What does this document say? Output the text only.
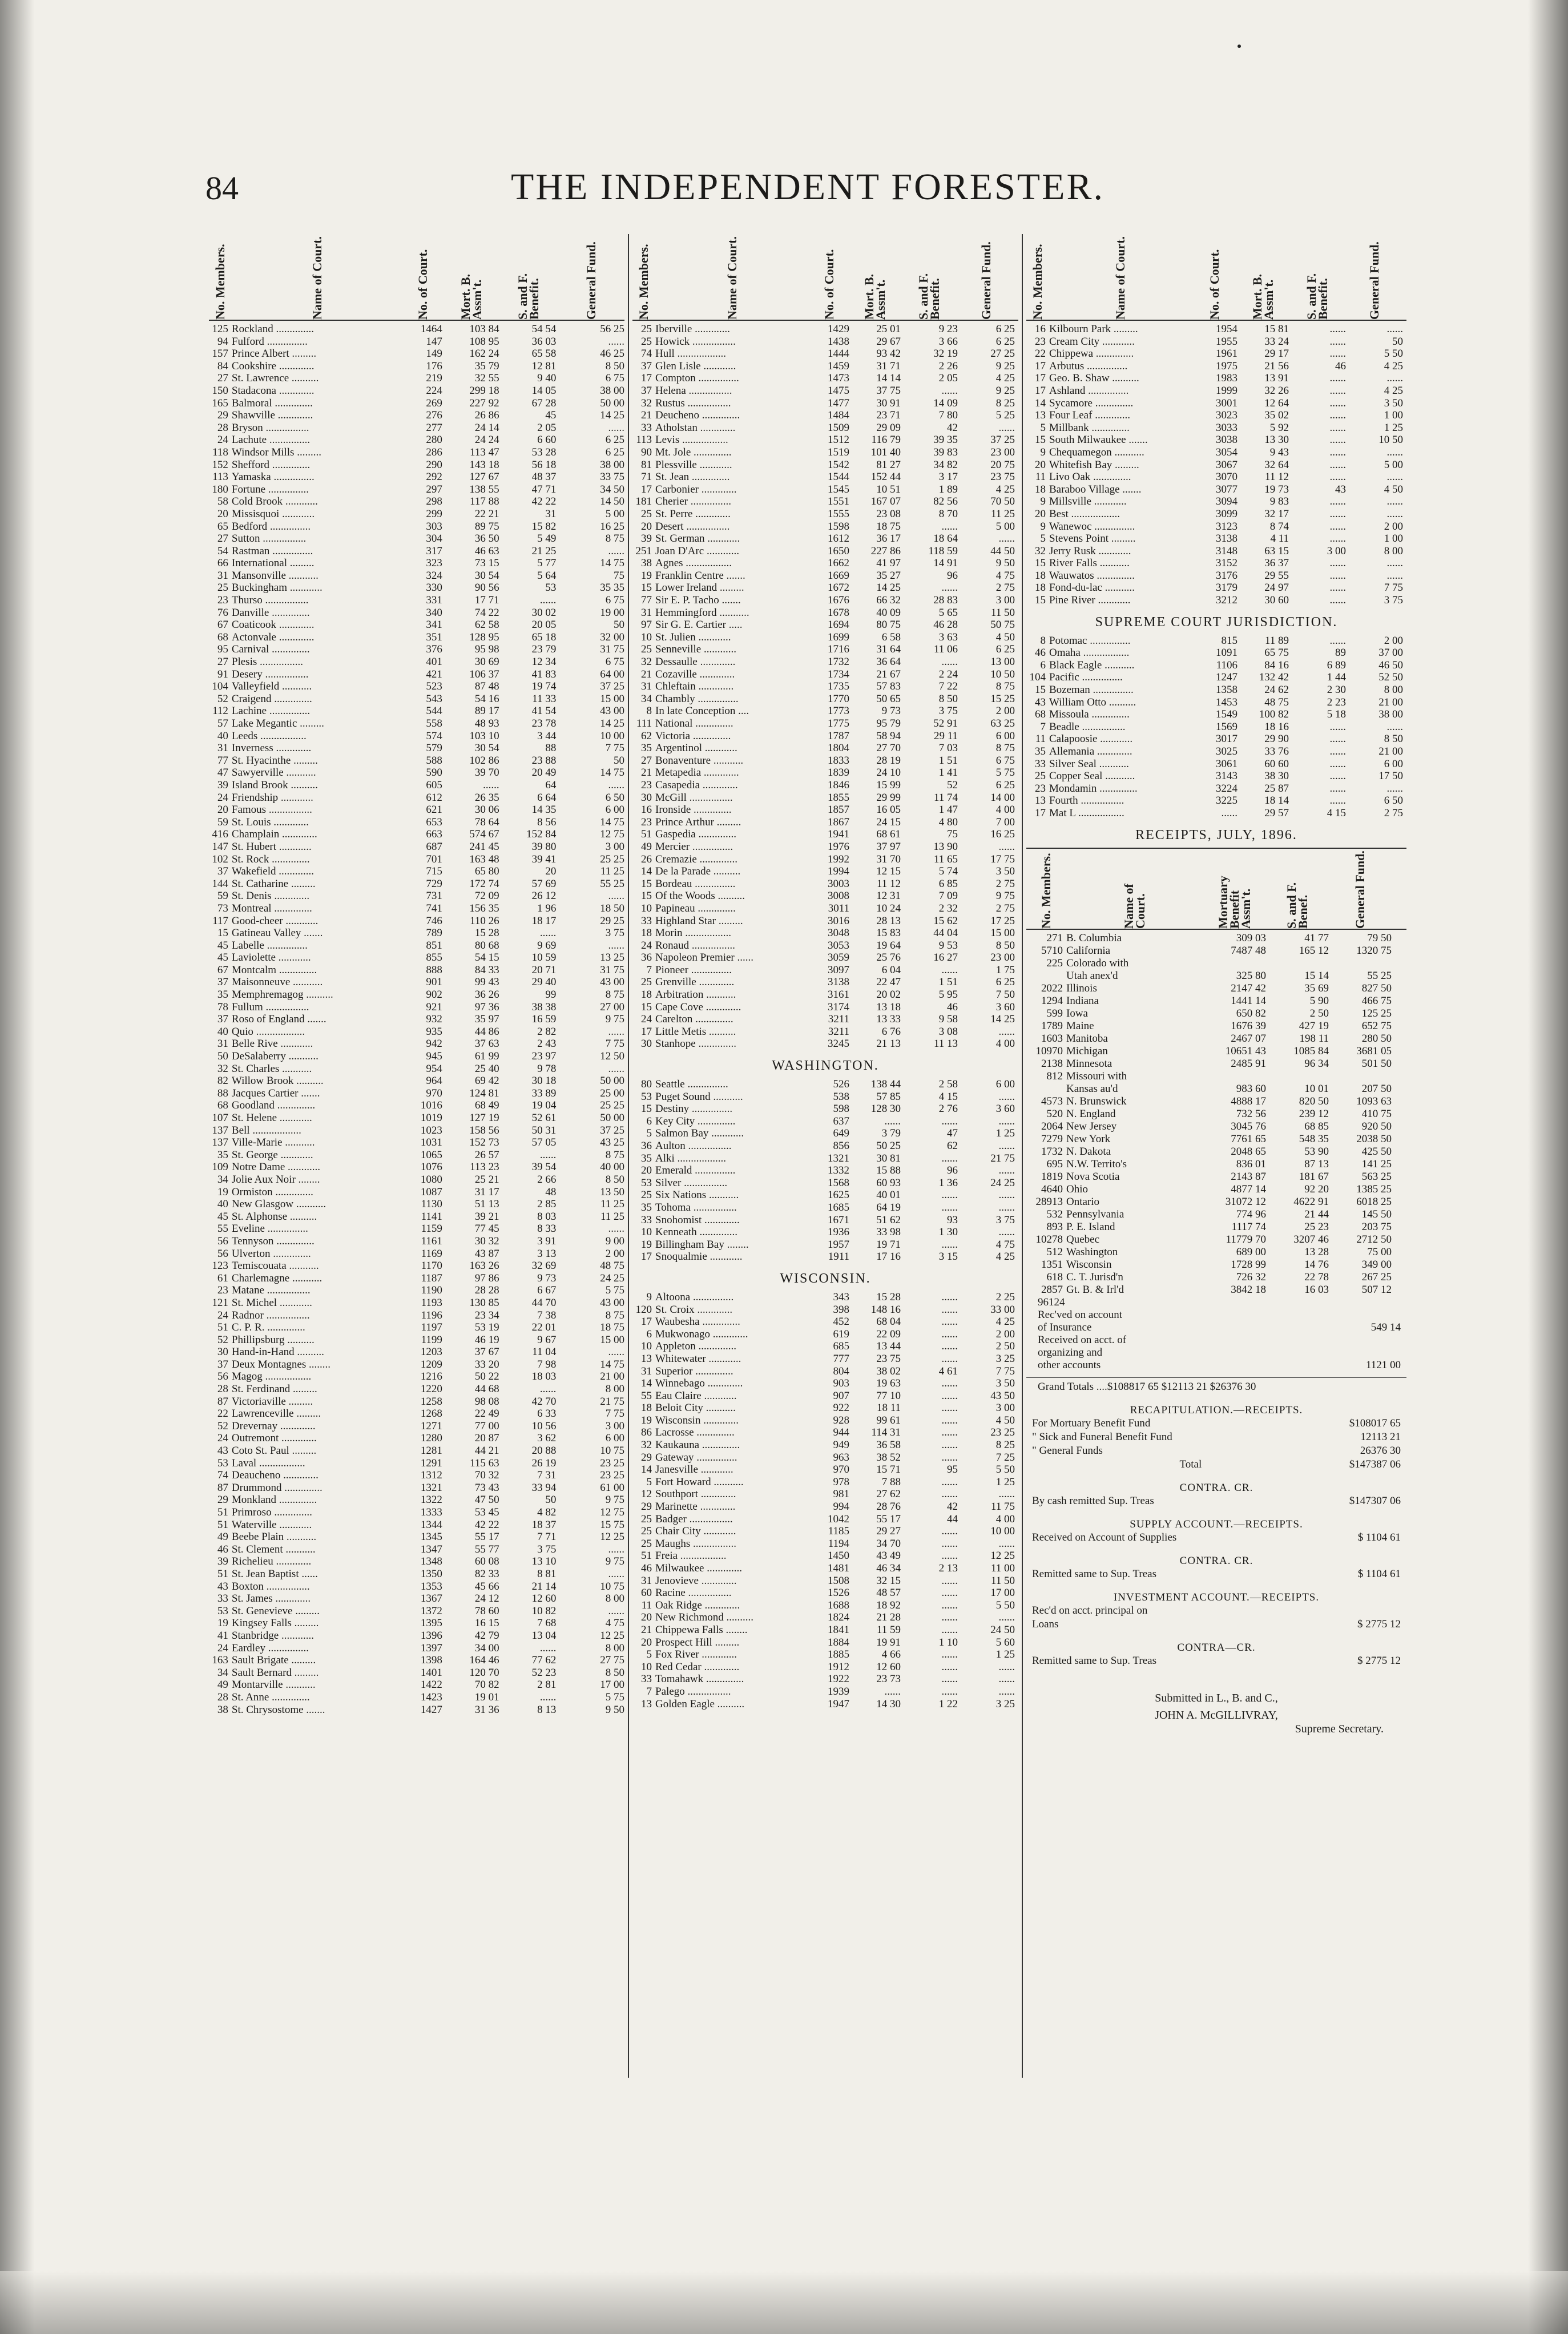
84	THE INDEPENDENT FORESTER.
No. Members.	Name of Court.	No. of Court.	Mort. B. Assm't.	S. and F. Benefit.	General Fund.
125 Rockland ..............	1464	103 84	54 54	56 25
94 Fulford ...............	147	108 95	36 03	......
157 Prince Albert .........	149	162 24	65 58	46 25
84 Cookshire .............	176	35 79	12 81	8 50
27 St. Lawrence ..........	219	32 55	9 40	6 75
150 Stadacona .............	224	299 18	14 05	38 00
165 Balmoral ..............	269	227 92	67 28	50 00
29 Shawville .............	276	26 86	45	14 25
28 Bryson ................	277	24 14	2 05	......
24 Lachute ...............	280	24 24	6 60	6 25
118 Windsor Mills .........	286	113 47	53 28	6 25
152 Shefford ..............	290	143 18	56 18	38 00
113 Yamaska ...............	292	127 67	48 37	33 75
180 Fortune ...............	297	138 55	47 71	34 50
58 Cold Brook ............	298	117 88	42 22	14 50
20 Missisquoi ............	299	22 21	31	5 00
65 Bedford ...............	303	89 75	15 82	16 25
27 Sutton ................	304	36 50	5 49	8 75
54 Rastman ...............	317	46 63	21 25	......
66 International .........	323	73 15	5 77	14 75
31 Mansonville ...........	324	30 54	5 64	75
25 Buckingham ............	330	90 56	53	35 35
23 Thurso ................	331	17 71	......	6 75
76 Danville ..............	340	74 22	30 02	19 00
67 Coaticook .............	341	62 58	20 05	50
68 Actonvale .............	351	128 95	65 18	32 00
95 Carnival ..............	376	95 98	23 79	31 75
27 Plesis ................	401	30 69	12 34	6 75
91 Desery ................	421	106 37	41 83	64 00
104 Valleyfield ...........	523	87 48	19 74	37 25
52 Craigend ..............	543	54 16	11 33	15 00
112 Lachine ...............	544	89 17	41 54	43 00
57 Lake Megantic .........	558	48 93	23 78	14 25
40 Leeds .................	574	103 10	3 44	10 00
31 Inverness .............	579	30 54	88	7 75
77 St. Hyacinthe .........	588	102 86	23 88	50
47 Sawyerville ...........	590	39 70	20 49	14 75
39 Island Brook ..........	605	......	64	......
24 Friendship ............	612	26 35	6 64	6 50
20 Famous ................	621	30 06	14 35	6 00
59 St. Louis .............	653	78 64	8 56	14 75
416 Champlain .............	663	574 67	152 84	12 75
147 St. Hubert ............	687	241 45	39 80	3 00
102 St. Rock ..............	701	163 48	39 41	25 25
37 Wakefield .............	715	65 80	20	11 25
144 St. Catharine .........	729	172 74	57 69	55 25
59 St. Denis .............	731	72 09	26 12	......
73 Montreal ..............	741	156 35	1 96	18 50
117 Good-cheer ............	746	110 26	18 17	29 25
15 Gatineau Valley .......	789	15 28	......	3 75
45 Labelle ...............	851	80 68	9 69	......
45 Laviolette ............	855	54 15	10 59	13 25
67 Montcalm ..............	888	84 33	20 71	31 75
37 Maisonneuve ...........	901	99 43	29 40	43 00
35 Memphremagog ..........	902	36 26	99	8 75
78 Fullum ................	921	97 36	38 38	27 00
37 Roso of England .......	932	35 97	16 59	9 75
40 Quio ..................	935	44 86	2 82	......
31 Belle Rive ............	942	37 63	2 43	7 75
50 DeSalaberry ...........	945	61 99	23 97	12 50
32 St. Charles ...........	954	25 40	9 78	......
82 Willow Brook ..........	964	69 42	30 18	50 00
88 Jacques Cartier .......	970	124 81	33 89	25 00
68 Goodland ..............	1016	68 49	19 04	25 25
107 St. Helene ............	1019	127 19	52 61	50 00
137 Bell ..................	1023	158 56	50 31	37 25
137 Ville-Marie ...........	1031	152 73	57 05	43 25
35 St. George ............	1065	26 57	......	8 75
109 Notre Dame ............	1076	113 23	39 54	40 00
34 Jolie Aux Noir ........	1080	25 21	2 66	8 50
19 Ormiston ..............	1087	31 17	48	13 50
40 New Glasgow ...........	1130	51 13	2 85	11 25
45 St. Alphonse ..........	1141	39 21	8 03	11 25
55 Eveline ...............	1159	77 45	8 33	......
56 Tennyson ..............	1161	30 32	3 91	9 00
56 Ulverton ..............	1169	43 87	3 13	2 00
123 Temiscouata ...........	1170	163 26	32 69	48 75
61 Charlemagne ...........	1187	97 86	9 73	24 25
23 Matane ................	1190	28 28	6 67	5 75
121 St. Michel ............	1193	130 85	44 70	43 00
24 Radnor ................	1196	23 34	7 38	8 75
51 C. P. R. ..............	1197	53 19	22 01	18 75
52 Phillipsburg ..........	1199	46 19	9 67	15 00
30 Hand-in-Hand ..........	1203	37 67	11 04	......
37 Deux Montagnes ........	1209	33 20	7 98	14 75
56 Magog .................	1216	50 22	18 03	21 00
28 St. Ferdinand .........	1220	44 68	......	8 00
87 Victoriaville .........	1258	98 08	42 70	21 75
22 Lawrenceville .........	1268	22 49	6 33	7 75
52 Drevernay .............	1271	77 00	10 56	3 00
24 Outremont .............	1280	20 87	3 62	6 00
43 Coto St. Paul .........	1281	44 21	20 88	10 75
53 Laval .................	1291	115 63	26 19	23 25
74 Deaucheno .............	1312	70 32	7 31	23 25
87 Drummond ..............	1321	73 43	33 94	61 00
29 Monkland ..............	1322	47 50	50	9 75
51 Primroso ..............	1333	53 45	4 82	12 75
51 Waterville ............	1344	42 22	18 37	15 75
49 Beebe Plain ...........	1345	55 17	7 71	12 25
46 St. Clement ...........	1347	55 77	3 75	......
39 Richelieu .............	1348	60 08	13 10	9 75
51 St. Jean Baptist ......	1350	82 33	8 81	......
43 Boxton ................	1353	45 66	21 14	10 75
33 St. James .............	1367	24 12	12 60	8 00
53 St. Genevieve .........	1372	78 60	10 82	......
19 Kingsey Falls .........	1395	16 15	7 68	4 75
41 Stanbridge ............	1396	42 79	13 04	12 25
24 Eardley ...............	1397	34 00	......	8 00
163 Sault Brigate .........	1398	164 46	77 62	27 75
34 Sault Bernard .........	1401	120 70	52 23	8 50
49 Montarville ...........	1422	70 82	2 81	17 00
28 St. Anne ..............	1423	19 01	......	5 75
38 St. Chrysostome .......	1427	31 36	8 13	9 50
No. Members.	Name of Court.	No. of Court.	Mort. B. Assm't.	S. and F. Benefit.	General Fund.
25 Iberville .............	1429	25 01	9 23	6 25
25 Howick ................	1438	29 67	3 66	6 25
74 Hull ..................	1444	93 42	32 19	27 25
37 Glen Lisle ............	1459	31 71	2 26	9 25
17 Compton ...............	1473	14 14	2 05	4 25
37 Helena ................	1475	37 75	......	9 25
32 Rustus ................	1477	30 91	14 09	8 25
21 Deucheno ..............	1484	23 71	7 80	5 25
33 Atholstan .............	1509	29 09	42	......
113 Levis .................	1512	116 79	39 35	37 25
90 Mt. Jole ..............	1519	101 40	39 83	23 00
81 Plessville ............	1542	81 27	34 82	20 75
71 St. Jean ..............	1544	152 44	3 17	23 75
17 Carbonier .............	1545	10 51	1 89	4 25
181 Cherier ...............	1551	167 07	82 56	70 50
25 St. Perre .............	1555	23 08	8 70	11 25
20 Desert ................	1598	18 75	......	5 00
39 St. German ............	1612	36 17	18 64	......
251 Joan D'Arc ............	1650	227 86	118 59	44 50
38 Agnes .................	1662	41 97	14 91	9 50
19 Franklin Centre .......	1669	35 27	96	4 75
15 Lower Ireland .........	1672	14 25	......	2 75
77 Sir E. P. Tacho .......	1676	66 32	28 83	3 00
31 Hemmingford ...........	1678	40 09	5 65	11 50
97 Sir G. E. Cartier .....	1694	80 75	46 28	50 75
10 St. Julien ............	1699	6 58	3 63	4 50
25 Senneville ............	1716	31 64	11 06	6 25
32 Dessaulle .............	1732	36 64	......	13 00
21 Cozaville .............	1734	21 67	2 24	10 50
31 Chleftain .............	1735	57 83	7 22	8 75
34 Chambly ...............	1770	50 65	8 50	15 25
8 In late Conception ....	1773	9 73	3 75	2 00
111 National ..............	1775	95 79	52 91	63 25
62 Victoria ..............	1787	58 94	29 11	6 00
35 Argentinol ............	1804	27 70	7 03	8 75
27 Bonaventure ...........	1833	28 19	1 51	6 75
21 Metapedia .............	1839	24 10	1 41	5 75
23 Casapedia .............	1846	15 99	52	6 25
30 McGill ................	1855	29 99	11 74	14 00
16 Ironside ..............	1857	16 05	1 47	4 00
23 Prince Arthur .........	1867	24 15	4 80	7 00
51 Gaspedia ..............	1941	68 61	75	16 25
49 Mercier ...............	1976	37 97	13 90	......
26 Cremazie ..............	1992	31 70	11 65	17 75
14 De la Parade ..........	1994	12 15	5 74	3 50
15 Bordeau ...............	3003	11 12	6 85	2 75
15 Of the Woods ..........	3008	12 31	7 09	9 75
10 Papineau ..............	3011	10 24	2 32	2 75
33 Highland Star .........	3016	28 13	15 62	17 25
18 Morin .................	3048	15 83	44 04	15 00
24 Ronaud ................	3053	19 64	9 53	8 50
36 Napoleon Premier ......	3059	25 76	16 27	23 00
7 Pioneer ...............	3097	6 04	......	1 75
25 Grenville .............	3138	22 47	1 51	6 25
18 Arbitration ...........	3161	20 02	5 95	7 50
15 Cape Cove .............	3174	13 18	46	3 60
24 Carelton ..............	3211	13 33	9 58	14 25
17 Little Metis ..........	3211	6 76	3 08	......
30 Stanhope ..............	3245	21 13	11 13	4 00
WASHINGTON.
80 Seattle ...............	526	138 44	2 58	6 00
53 Puget Sound ...........	538	57 85	4 15	......
15 Destiny ...............	598	128 30	2 76	3 60
6 Key City ..............	637	......	......	......
5 Salmon Bay ............	649	3 79	47	1 25
36 Aulton ................	856	50 25	62	......
35 Alki ..................	1321	30 81	......	21 75
20 Emerald ...............	1332	15 88	96	......
53 Silver ................	1568	60 93	1 36	24 25
25 Six Nations ...........	1625	40 01	......	......
35 Tohoma ................	1685	64 19	......	......
33 Snohomist .............	1671	51 62	93	3 75
10 Kenneath ..............	1936	33 98	1 30	......
19 Billingham Bay ........	1957	19 71	......	4 75
17 Snoqualmie ............	1911	17 16	3 15	4 25
WISCONSIN.
9 Altoona ...............	343	15 28	......	2 25
120 St. Croix .............	398	148 16	......	33 00
17 Waubesha ..............	452	68 04	......	4 25
6 Mukwonago .............	619	22 09	......	2 00
10 Appleton ..............	685	13 44	......	2 50
13 Whitewater ............	777	23 75	......	3 25
31 Superior ..............	804	38 02	4 61	7 75
14 Winnebago .............	903	19 63	......	3 50
55 Eau Claire ............	907	77 10	......	43 50
18 Beloit City ...........	922	18 11	......	3 00
19 Wisconsin .............	928	99 61	......	4 50
86 Lacrosse ..............	944	114 31	......	23 25
32 Kaukauna ..............	949	36 58	......	8 25
29 Gateway ...............	963	38 52	......	7 25
14 Janesville ............	970	15 71	95	5 50
5 Fort Howard ...........	978	7 88	......	1 25
12 Southport .............	981	27 62	......	......
29 Marinette .............	994	28 76	42	11 75
25 Badger ................	1042	55 17	44	4 00
25 Chair City ............	1185	29 27	......	10 00
25 Maughs ................	1194	34 70	......	......
51 Freia .................	1450	43 49	......	12 25
46 Milwaukee .............	1481	46 34	2 13	11 00
31 Jenovieve .............	1508	32 15	......	11 50
60 Racine ................	1526	48 57	......	17 00
11 Oak Ridge .............	1688	18 92	......	5 50
20 New Richmond ..........	1824	21 28	......	......
21 Chippewa Falls ........	1841	11 59	......	24 50
20 Prospect Hill .........	1884	19 91	1 10	5 60
5 Fox River .............	1885	4 66	......	1 25
10 Red Cedar .............	1912	12 60	......	......
33 Tomahawk ..............	1922	23 73	......	......
7 Palego ................	1939	......	......	......
13 Golden Eagle ..........	1947	14 30	1 22	3 25
No. Members.	Name of Court.	No. of Court.	Mort. B. Assm't.	S. and F. Benefit.	General Fund.
16 Kilbourn Park .........	1954	15 81	......	......
23 Cream City ............	1955	33 24	......	50
22 Chippewa ..............	1961	29 17	......	5 50
17 Arbutus ...............	1975	21 56	46	4 25
17 Geo. B. Shaw ..........	1983	13 91	......	......
17 Ashland ...............	1999	32 26	......	4 25
14 Sycamore ..............	3001	12 64	......	3 50
13 Four Leaf .............	3023	35 02	......	1 00
5 Millbank ..............	3033	5 92	......	1 25
15 South Milwaukee .......	3038	13 30	......	10 50
9 Chequamegon ...........	3054	9 43	......	......
20 Whitefish Bay .........	3067	32 64	......	5 00
11 Livo Oak ..............	3070	11 12	......	......
18 Baraboo Village .......	3077	19 73	43	4 50
9 Millsville ............	3094	9 83	......	......
20 Best ..................	3099	32 17	......	......
9 Wanewoc ...............	3123	8 74	......	2 00
5 Stevens Point .........	3138	4 11	......	1 00
32 Jerry Rusk ............	3148	63 15	3 00	8 00
15 River Falls ...........	3152	36 37	......	......
18 Wauwatos ..............	3176	29 55	......	......
18 Fond-du-lac ...........	3179	24 97	......	7 75
15 Pine River ............	3212	30 60	......	3 75
SUPREME COURT JURISDICTION.
8 Potomac ...............	815	11 89	......	2 00
46 Omaha .................	1091	65 75	89	37 00
6 Black Eagle ...........	1106	84 16	6 89	46 50
104 Pacific ...............	1247	132 42	1 44	52 50
15 Bozeman ...............	1358	24 62	2 30	8 00
43 William Otto ..........	1453	48 75	2 23	21 00
68 Missoula ..............	1549	100 82	5 18	38 00
7 Beadle ................	1569	18 16	......	......
11 Calapoosie ............	3017	29 90	......	8 50
35 Allemania .............	3025	33 76	......	21 00
33 Silver Seal ...........	3061	60 60	......	6 00
25 Copper Seal ...........	3143	38 30	......	17 50
23 Mondamin ..............	3224	25 87	......	......
13 Fourth ................	3225	18 14	......	6 50
17 Mat L .................	......	29 57	4 15	2 75
RECEIPTS, JULY, 1896.
No. Members.	Name of Court.	Mortuary Benefit Assm't.	S. and F. Benef.	General Fund.
271 B. Columbia	309 03	41 77	79 50
5710 California	7487 48	165 12	1320 75
225 Colorado with
Utah anex'd	325 80	15 14	55 25
2022 Illinois	2147 42	35 69	827 50
1294 Indiana	1441 14	5 90	466 75
599 Iowa	650 82	2 50	125 25
1789 Maine	1676 39	427 19	652 75
1603 Manitoba	2467 07	198 11	280 50
10970 Michigan	10651 43	1085 84	3681 05
2138 Minnesota	2485 91	96 34	501 50
812 Missouri with
Kansas au'd	983 60	10 01	207 50
4573 N. Brunswick	4888 17	820 50	1093 63
520 N. England	732 56	239 12	410 75
2064 New Jersey	3045 76	68 85	920 50
7279 New York	7761 65	548 35	2038 50
1732 N. Dakota	2048 65	53 90	425 50
695 N.W. Territo's	836 01	87 13	141 25
1819 Nova Scotia	2143 87	181 67	563 25
4640 Ohio	4877 14	92 20	1385 25
28913 Ontario	31072 12	4622 91	6018 25
532 Pennsylvania	774 96	21 44	145 50
893 P. E. Island	1117 74	25 23	203 75
10278 Quebec	11779 70	3207 46	2712 50
512 Washington	689 00	13 28	75 00
1351 Wisconsin	1728 99	14 76	349 00
618 C. T. Jurisd'n	726 32	22 78	267 25
2857 Gt. B. & Irl'd	3842 18	16 03	507 12
96124
Rec'ved on account
of Insurance	549 14
Received on acct. of
organizing and
other accounts	1121 00
Grand Totals ....$108817 65 $12113 21 $26376 30
RECAPITULATION.—RECEIPTS.
For Mortuary Benefit Fund	$108017 65
" Sick and Funeral Benefit Fund	12113 21
" General Funds	26376 30
Total	$147387 06
CONTRA. CR.
By cash remitted Sup. Treas	$147307 06
SUPPLY ACCOUNT.—RECEIPTS.
Received on Account of Supplies	$ 1104 61
CONTRA. CR.
Remitted same to Sup. Treas	$ 1104 61
INVESTMENT ACCOUNT.—RECEIPTS.
Rec'd on acct. principal on
Loans	$ 2775 12
CONTRA—CR.
Remitted same to Sup. Treas	$ 2775 12
Submitted in L., B. and C.,
JOHN A. McGILLIVRAY,
Supreme Secretary.
